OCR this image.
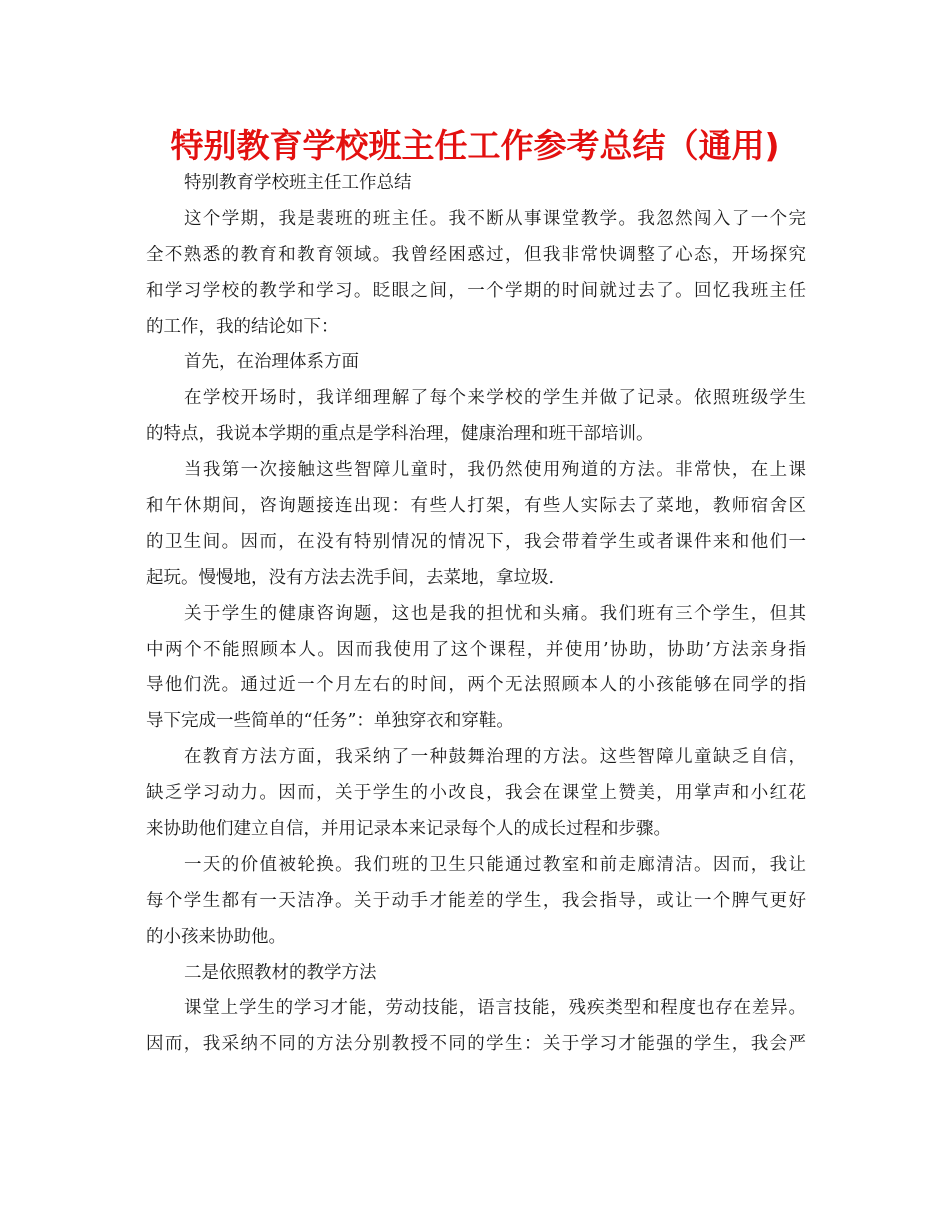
特别教育学校班主任工作参考总结（通用)
特别教育学校班主任工作总结
这个学期，我是裴班的班主任。我不断从事课堂教学。我忽然闯入了一个完
全不熟悉的教育和教育领域。我曾经困惑过，但我非常快调整了心态，开场探究
和学习学校的教学和学习。眨眼之间，一个学期的时间就过去了。回忆我班主任
的工作，我的结论如下：
首先，在治理体系方面
在学校开场时，我详细理解了每个来学校的学生并做了记录。依照班级学生
的特点，我说本学期的重点是学科治理，健康治理和班干部培训。
当我第一次接触这些智障儿童时，我仍然使用殉道的方法。非常快，在上课
和午休期间，咨询题接连出现：有些人打架，有些人实际去了菜地，教师宿舍区
的卫生间。因而，在没有特别情况的情况下，我会带着学生或者课件来和他们一
起玩。慢慢地，没有方法去洗手间，去菜地，拿垃圾.
关于学生的健康咨询题，这也是我的担忧和头痛。我们班有三个学生，但其
中两个不能照顾本人。因而我使用了这个课程，并使用’协助，协助’方法亲身指
导他们洗。通过近一个月左右的时间，两个无法照顾本人的小孩能够在同学的指
导下完成一些简单的“任务”：单独穿衣和穿鞋。
在教育方法方面，我采纳了一种鼓舞治理的方法。这些智障儿童缺乏自信，
缺乏学习动力。因而，关于学生的小改良，我会在课堂上赞美，用掌声和小红花
来协助他们建立自信，并用记录本来记录每个人的成长过程和步骤。
一天的价值被轮换。我们班的卫生只能通过教室和前走廊清洁。因而，我让
每个学生都有一天洁净。关于动手才能差的学生，我会指导，或让一个脾气更好
的小孩来协助他。
二是依照教材的教学方法
课堂上学生的学习才能，劳动技能，语言技能，残疾类型和程度也存在差异。
因而，我采纳不同的方法分别教授不同的学生：关于学习才能强的学生，我会严
